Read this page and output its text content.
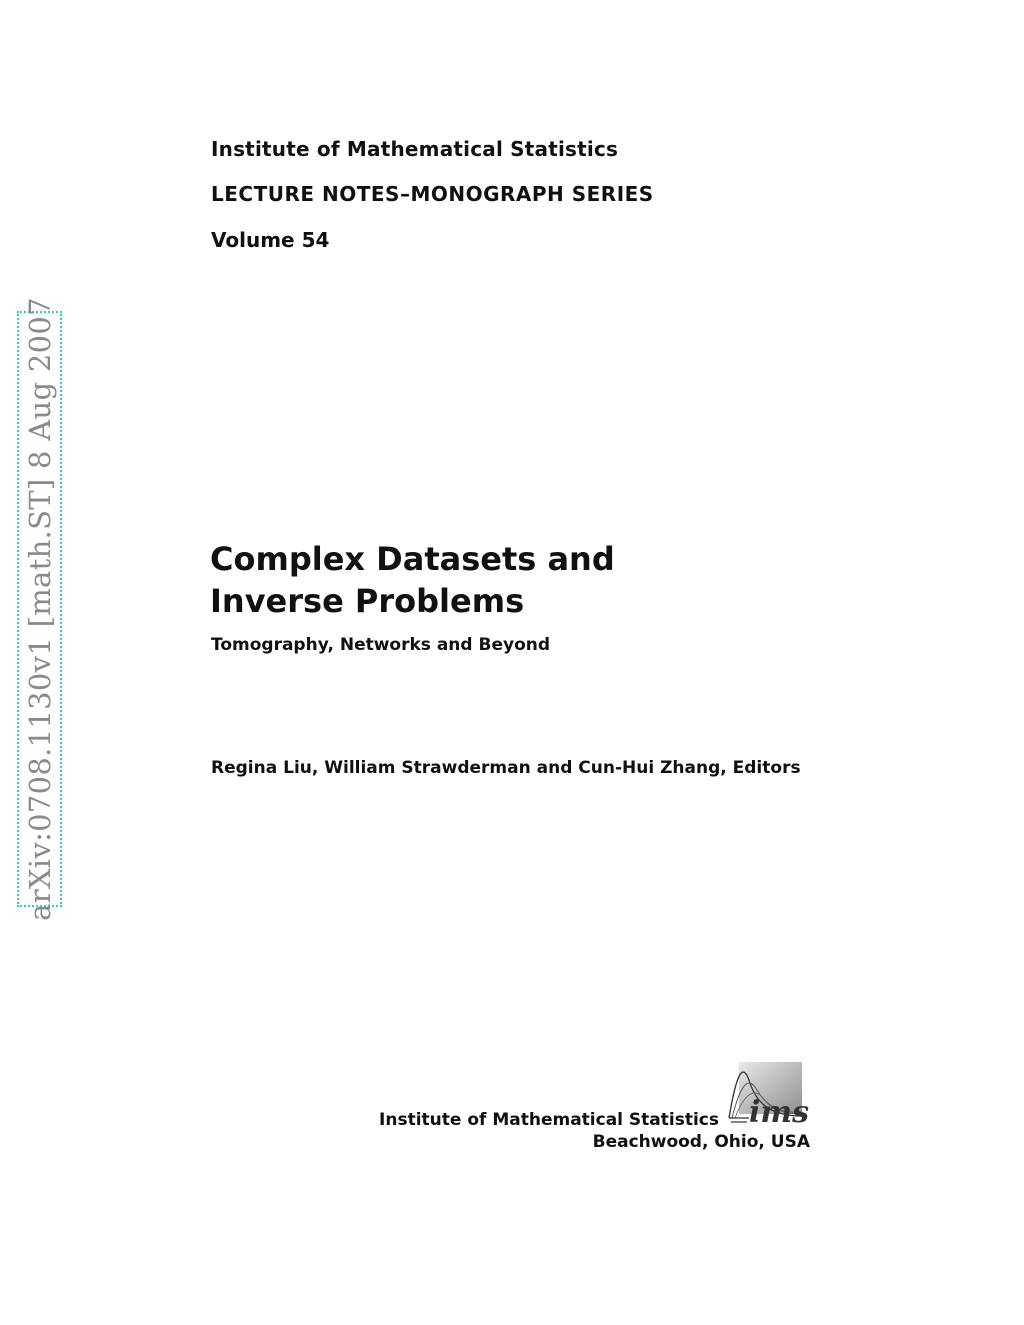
Institute of Mathematical Statistics
LECTURE NOTES–MONOGRAPH SERIES
Volume 54
arXiv:0708.1130v1 [math.ST] 8 Aug 2007	Complex Datasets and
Inverse Problems
Tomography, Networks and Beyond
Regina Liu, William Strawderman and Cun-Hui Zhang, Editors
Institute of Mathematical Statistics
Beachwood, Ohio, USA
ims
